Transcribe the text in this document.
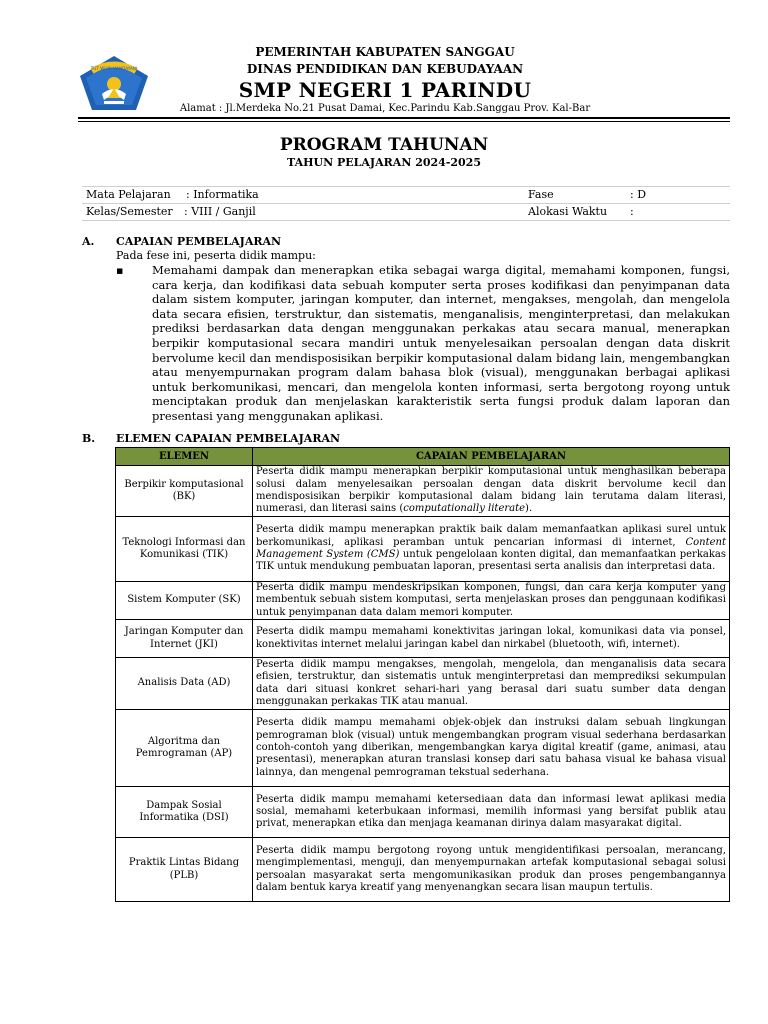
TUT WURI HANDAYANI
PEMERINTAH KABUPATEN SANGGAU
DINAS PENDIDIKAN DAN KEBUDAYAAN
SMP NEGERI 1 PARINDU
Alamat : Jl.Merdeka No.21 Pusat Damai, Kec.Parindu Kab.Sanggau Prov. Kal-Bar
PROGRAM TAHUNAN
TAHUN PELAJARAN 2024-2025
Mata Pelajaran : Informatika	Fase	: D
Kelas/Semester : VIII / Ganjil	Alokasi Waktu :
A. CAPAIAN PEMBELAJARAN
Pada fese ini, peserta didik mampu:
▪ Memahami dampak dan menerapkan etika sebagai warga digital, memahami komponen, fungsi, cara kerja, dan kodifikasi data sebuah komputer serta proses kodifikasi dan penyimpanan data dalam sistem komputer, jaringan komputer, dan internet, mengakses, mengolah, dan mengelola data secara efisien, terstruktur, dan sistematis, menganalisis, menginterpretasi, dan melakukan prediksi berdasarkan data dengan menggunakan perkakas atau secara manual, menerapkan berpikir komputasional secara mandiri untuk menyelesaikan persoalan dengan data diskrit bervolume kecil dan mendisposisikan berpikir komputasional dalam bidang lain, mengembangkan atau menyempurnakan program dalam bahasa blok (visual), menggunakan berbagai aplikasi untuk berkomunikasi, mencari, dan mengelola konten informasi, serta bergotong royong untuk menciptakan produk dan menjelaskan karakteristik serta fungsi produk dalam laporan dan presentasi yang menggunakan aplikasi.
B. ELEMEN CAPAIAN PEMBELAJARAN
ELEMEN	CAPAIAN PEMBELAJARAN
Berpikir komputasional (BK)	Peserta didik mampu menerapkan berpikir komputasional untuk menghasilkan beberapa solusi dalam menyelesaikan persoalan dengan data diskrit bervolume kecil dan mendisposisikan berpikir komputasional dalam bidang lain terutama dalam literasi, numerasi, dan literasi sains (computationally literate).
Teknologi Informasi dan Komunikasi (TIK)	Peserta didik mampu menerapkan praktik baik dalam memanfaatkan aplikasi surel untuk berkomunikasi, aplikasi peramban untuk pencarian informasi di internet, Content Management System (CMS) untuk pengelolaan konten digital, dan memanfaatkan perkakas TIK untuk mendukung pembuatan laporan, presentasi serta analisis dan interpretasi data.
Sistem Komputer (SK)	Peserta didik mampu mendeskripsikan komponen, fungsi, dan cara kerja komputer yang membentuk sebuah sistem komputasi, serta menjelaskan proses dan penggunaan kodifikasi untuk penyimpanan data dalam memori komputer.
Jaringan Komputer dan Internet (JKI)	Peserta didik mampu memahami konektivitas jaringan lokal, komunikasi data via ponsel, konektivitas internet melalui jaringan kabel dan nirkabel (bluetooth, wifi, internet).
Analisis Data (AD)	Peserta didik mampu mengakses, mengolah, mengelola, dan menganalisis data secara efisien, terstruktur, dan sistematis untuk menginterpretasi dan memprediksi sekumpulan data dari situasi konkret sehari-hari yang berasal dari suatu sumber data dengan menggunakan perkakas TIK atau manual.
Algoritma dan Pemrograman (AP)	Peserta didik mampu memahami objek-objek dan instruksi dalam sebuah lingkungan pemrograman blok (visual) untuk mengembangkan program visual sederhana berdasarkan contoh-contoh yang diberikan, mengembangkan karya digital kreatif (game, animasi, atau presentasi), menerapkan aturan translasi konsep dari satu bahasa visual ke bahasa visual lainnya, dan mengenal pemrograman tekstual sederhana.
Dampak Sosial Informatika (DSI)	Peserta didik mampu memahami ketersediaan data dan informasi lewat aplikasi media sosial, memahami keterbukaan informasi, memilih informasi yang bersifat publik atau privat, menerapkan etika dan menjaga keamanan dirinya dalam masyarakat digital.
Praktik Lintas Bidang (PLB)	Peserta didik mampu bergotong royong untuk mengidentifikasi persoalan, merancang, mengimplementasi, menguji, dan menyempurnakan artefak komputasional sebagai solusi persoalan masyarakat serta mengomunikasikan produk dan proses pengembangannya dalam bentuk karya kreatif yang menyenangkan secara lisan maupun tertulis.
